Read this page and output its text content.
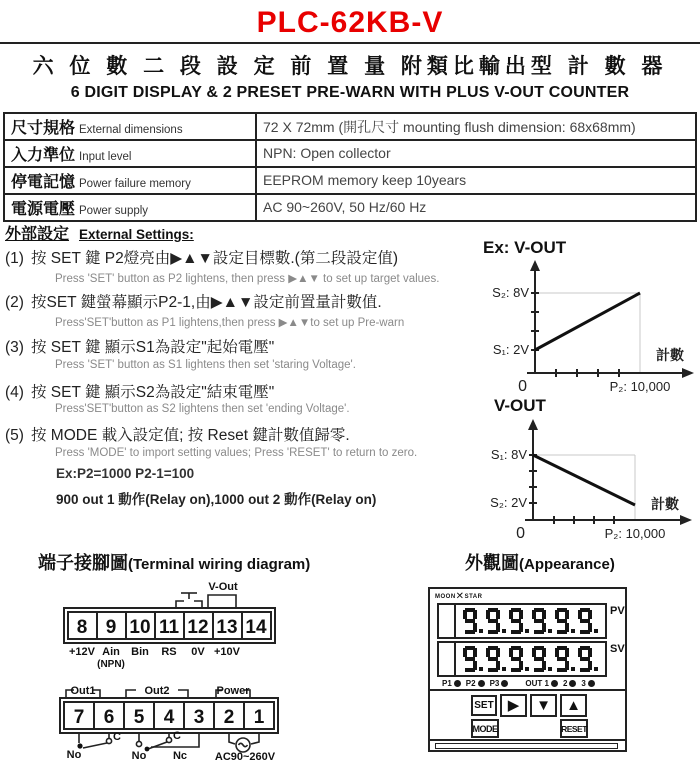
PLC-62KB-V
六 位 數 二 段 設 定 前 置 量 附類比輸出型 計 數 器
6 DIGIT DISPLAY & 2 PRESET PRE-WARN WITH PLUS V-OUT COUNTER
尺寸規格 External dimensions	72 X 72mm (開孔尺寸 mounting flush dimension: 68x68mm)
入力準位 Input level	NPN: Open collector
停電記憶 Power failure memory	EEPROM memory keep 10years
電源電壓 Power supply	AC 90~260V, 50 Hz/60 Hz
外部設定 External Settings:
(1) 按 SET 鍵 P2燈亮由▶▲▼設定目標數.(第二段設定值)
Press 'SET' button as P2 lightens, then press ▶▲▼ to set up target values.
(2) 按SET 鍵螢幕顯示P2-1,由▶▲▼設定前置量計數值.
Press'SET'button as P1 lightens,then press ▶▲▼to set up Pre-warn
(3) 按 SET 鍵 顯示S1為設定"起始電壓"
Press 'SET' button as S1 lightens then set 'staring Voltage'.
(4) 按 SET 鍵 顯示S2為設定"結束電壓"
Press'SET'button as S2 lightens then set 'ending Voltage'.
(5) 按 MODE 載入設定值; 按 Reset 鍵計數值歸零.
Press 'MODE' to import setting values; Press 'RESET' to return to zero.
Ex:P2=1000 P2-1=100
900 out 1 動作(Relay on),1000 out 2 動作(Relay on)
Ex: V-OUT
S₂: 8V
S₁: 2V
0	P₂: 10,000
計數
V-OUT
S₁: 8V
S₂: 2V
0	P₂: 10,000
計數
端子接腳圖(Terminal wiring diagram)
V-Out
8 9 10 11 12 13 14
+12V Ain
(NPN)
Bin RS 0V +10V
Out1	Out2	Power
7 6 5 4 3 2 1
C
No
C
No Nc	AC90~260V
外觀圖(Appearance)
MOON✕STAR
PV
SV
P1 P2 P3	OUT 1 2 3
SET ▶ ▼ ▲
MODE	RESET
